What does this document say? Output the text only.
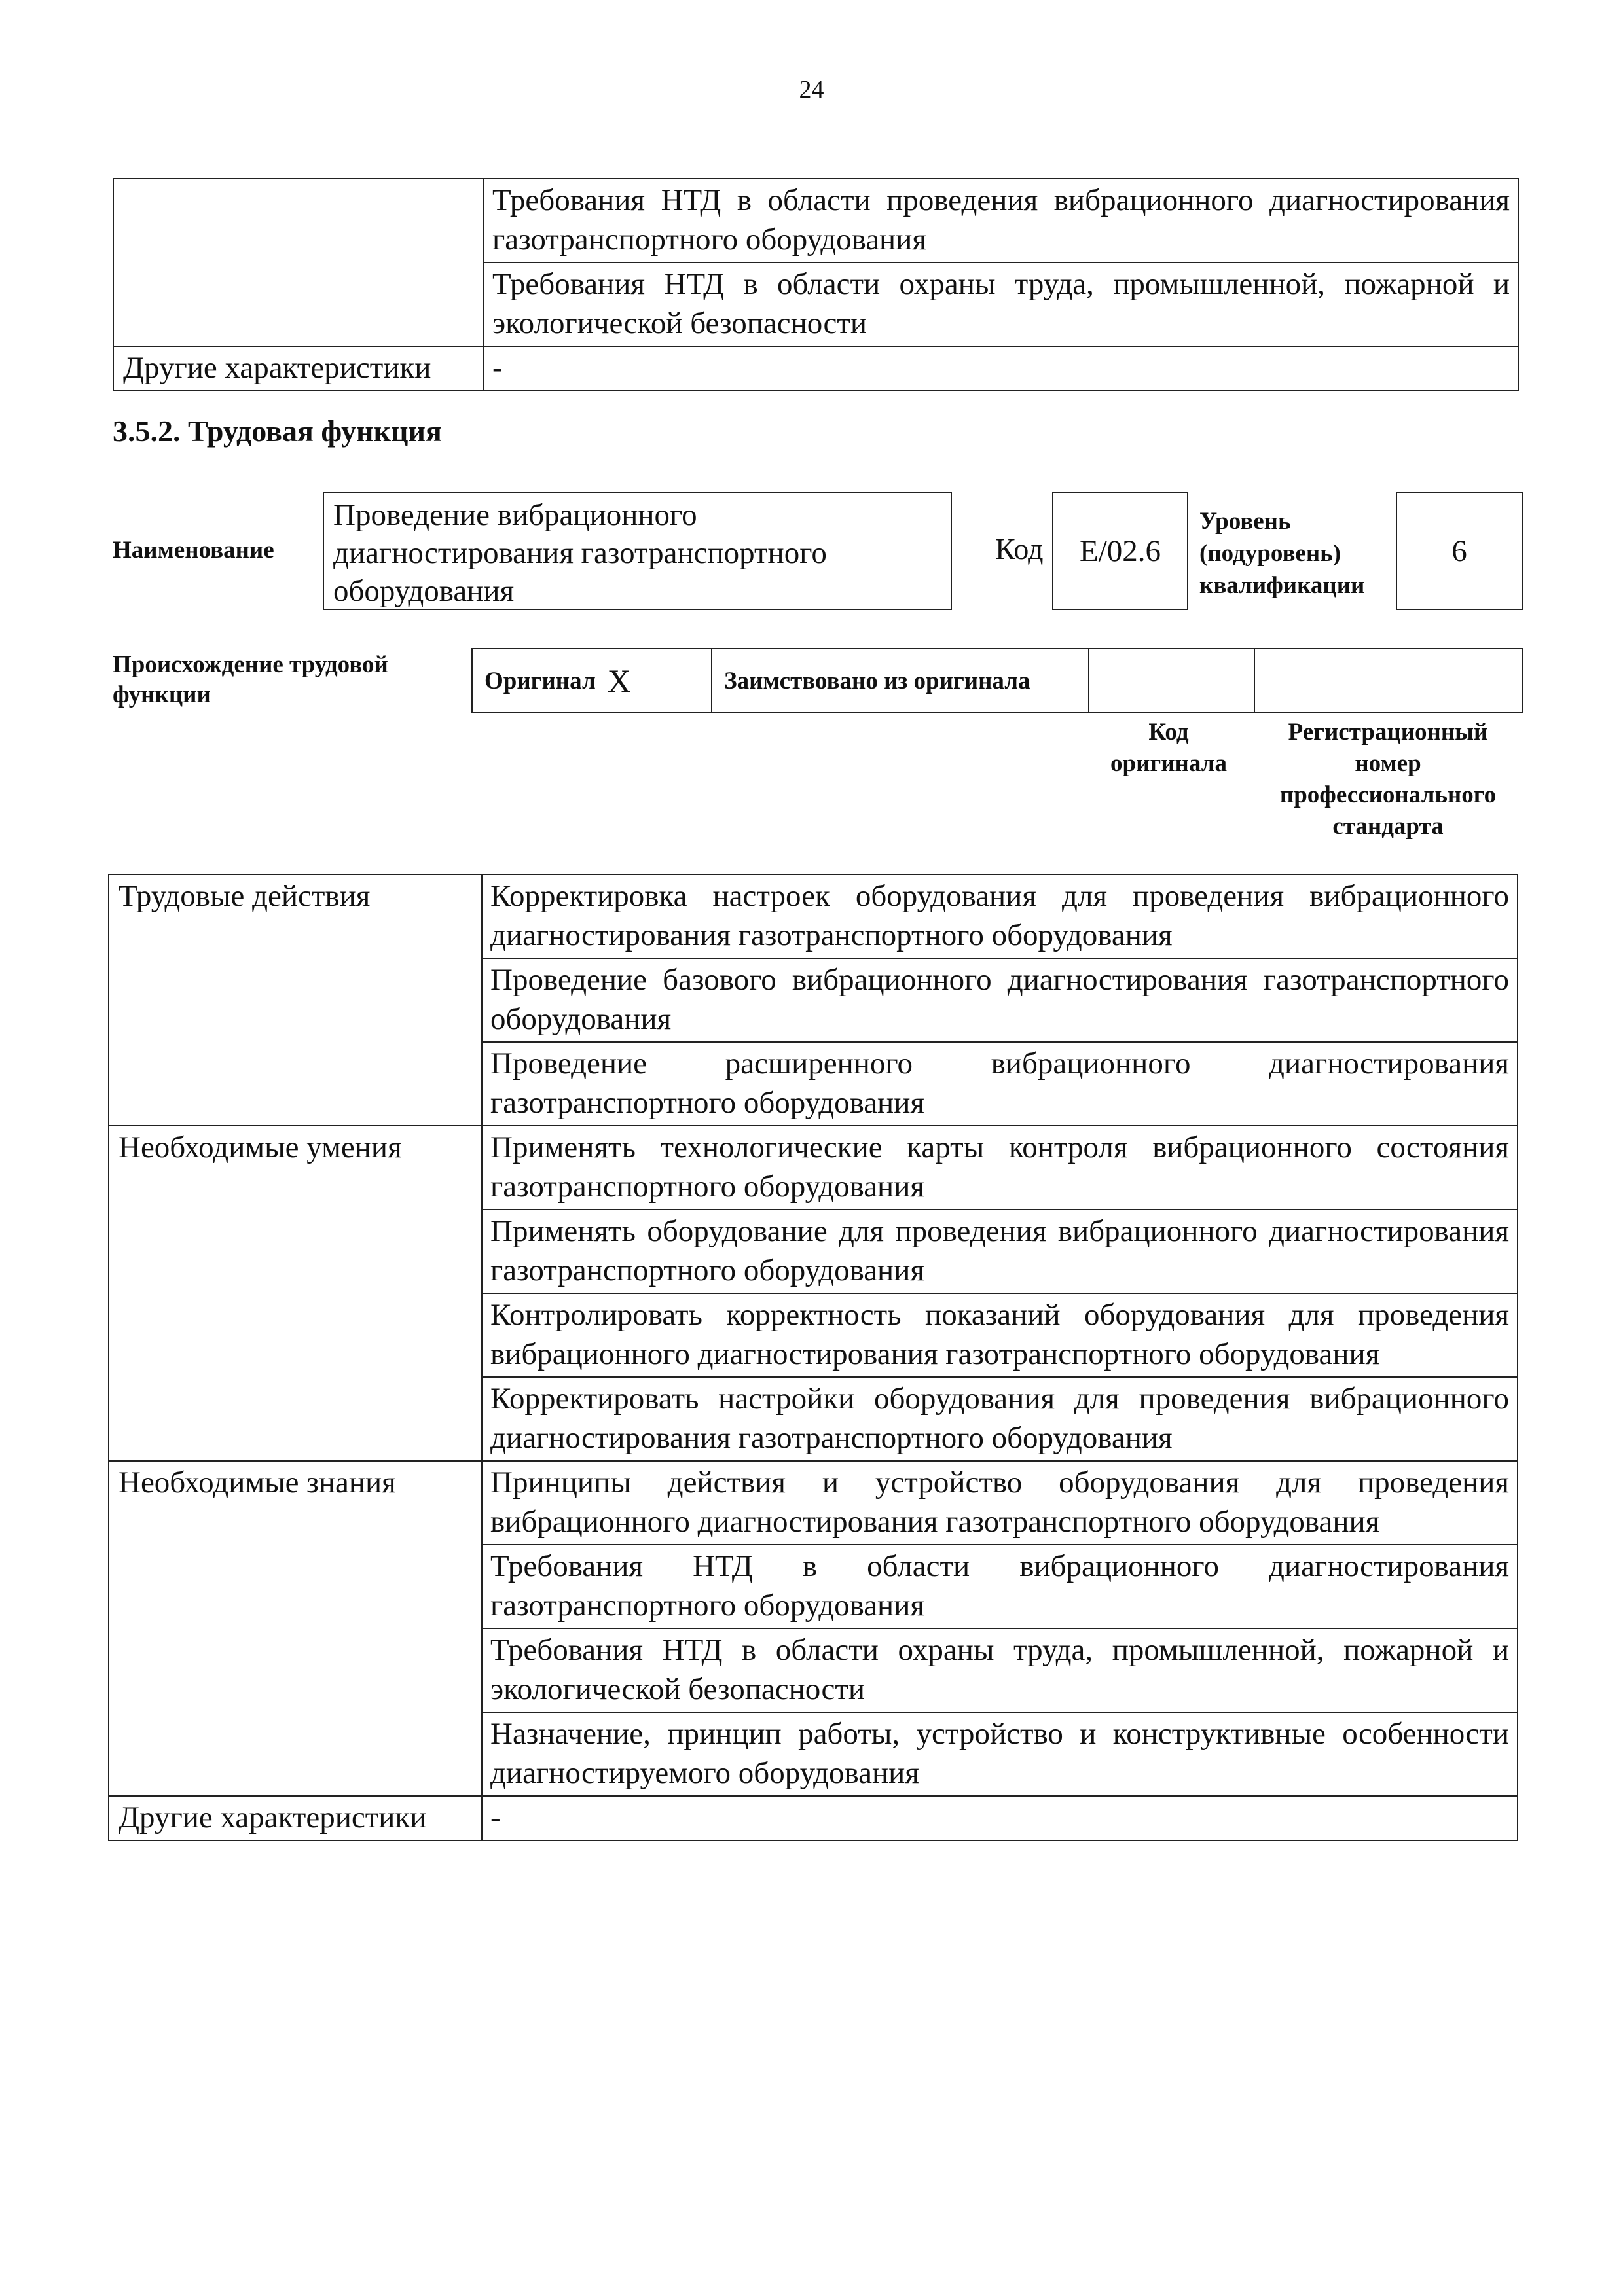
24
	Требования НТД в области проведения вибрационного диагностирования газотранспортного оборудования
	Требования НТД в области охраны труда, промышленной, пожарной и экологической безопасности
Другие характеристики	-
3.5.2. Трудовая функция
Наименование
Проведение вибрационного диагностирования газотранспортного оборудования
Код	E/02.6
Уровень (подуровень) квалификации
6
Происхождение трудовой функции
Оригинал X	Заимствовано из оригинала
Код оригинала
Регистрационный номер профессионального стандарта
Трудовые действия	Корректировка настроек оборудования для проведения вибрационного диагностирования газотранспортного оборудования
	Проведение базового вибрационного диагностирования газотранспортного оборудования
	Проведение расширенного вибрационного диагностирования газотранспортного оборудования
Необходимые умения	Применять технологические карты контроля вибрационного состояния газотранспортного оборудования
	Применять оборудование для проведения вибрационного диагностирования газотранспортного оборудования
	Контролировать корректность показаний оборудования для проведения вибрационного диагностирования газотранспортного оборудования
	Корректировать настройки оборудования для проведения вибрационного диагностирования газотранспортного оборудования
Необходимые знания	Принципы действия и устройство оборудования для проведения вибрационного диагностирования газотранспортного оборудования
	Требования НТД в области вибрационного диагностирования газотранспортного оборудования
	Требования НТД в области охраны труда, промышленной, пожарной и экологической безопасности
	Назначение, принцип работы, устройство и конструктивные особенности диагностируемого оборудования
Другие характеристики	-
